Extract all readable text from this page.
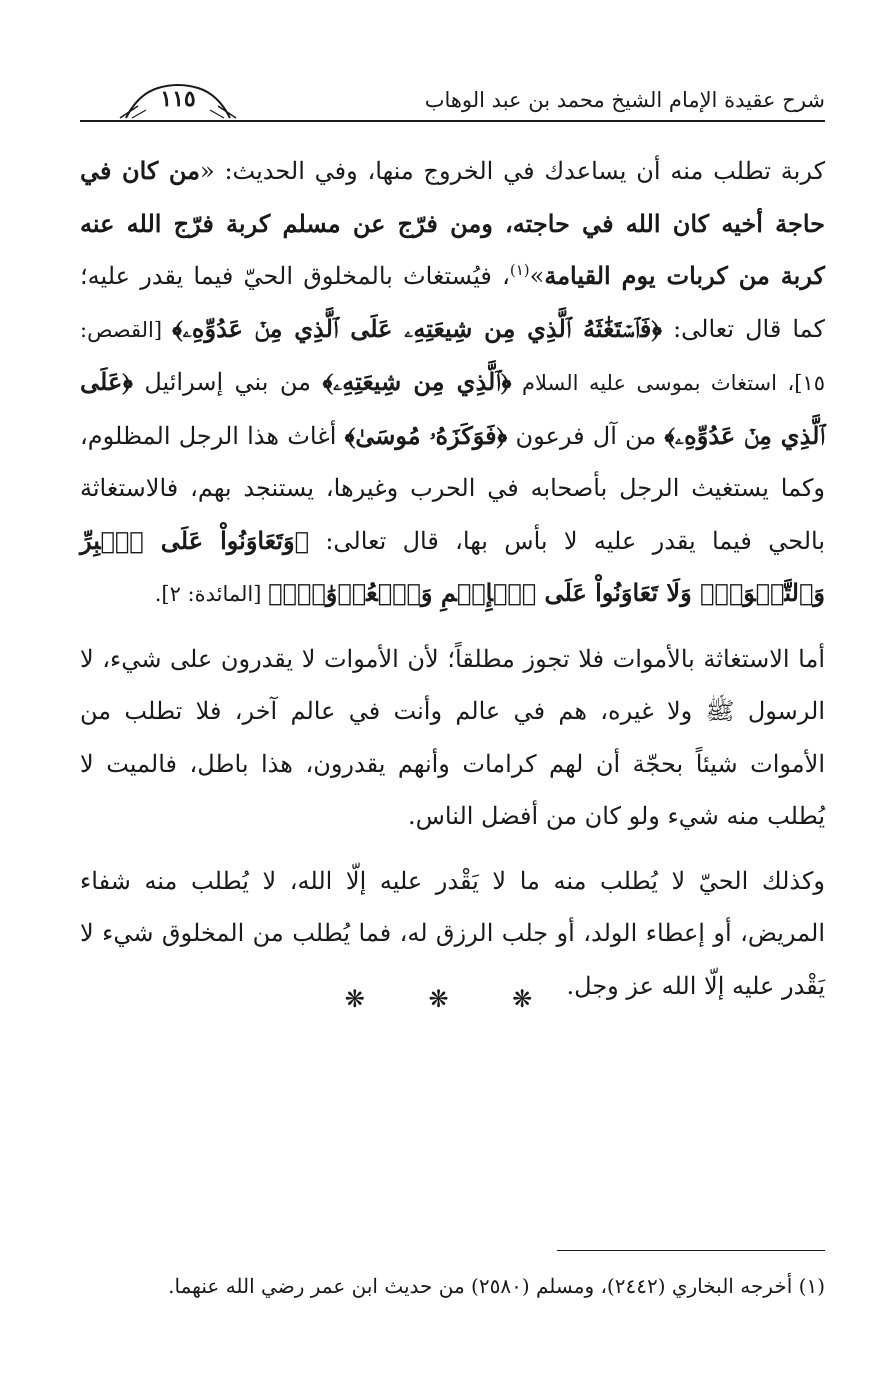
شرح عقيدة الإمام الشيخ محمد بن عبد الوهاب
١١٥

كربة تطلب منه أن يساعدك في الخروج منها، وفي الحديث: «من كان في حاجة أخيه كان الله في حاجته، ومن فرّج عن مسلم كربة فرّج الله عنه كربة من كربات يوم القيامة»$^{(١)}$، فيُستغاث بالمخلوق الحيّ فيما يقدر عليه؛ كما قال تعالى: ﴿فَٱسۡتَغَٰثَهُ ٱلَّذِي مِن شِيعَتِهِۦ عَلَى ٱلَّذِي مِنۡ عَدُوِّهِۦ﴾ [القصص: ١٥]، استغاث بموسى عليه السلام ﴿ٱلَّذِي مِن شِيعَتِهِۦ﴾ من بني إسرائيل ﴿عَلَى ٱلَّذِي مِنۡ عَدُوِّهِۦ﴾ من آل فرعون ﴿فَوَكَزَهُۥ مُوسَىٰ﴾ أغاث هذا الرجل المظلوم، وكما يستغيث الرجل بأصحابه في الحرب وغيرها، يستنجد بهم، فالاستغاثة بالحي فيما يقدر عليه لا بأس بها، قال تعالى: ﴿وَتَعَاوَنُواْ عَلَى ٱلۡبِرِّ وَٱلتَّقۡوَىٰۖ وَلَا تَعَاوَنُواْ عَلَى ٱلۡإِثۡمِ وَٱلۡعُدۡوَٰنِۚ﴾ [المائدة: ٢].

أما الاستغاثة بالأموات فلا تجوز مطلقاً؛ لأن الأموات لا يقدرون على شيء، لا الرسول ﷺ ولا غيره، هم في عالم وأنت في عالم آخر، فلا تطلب من الأموات شيئاً بحجّة أن لهم كرامات وأنهم يقدرون، هذا باطل، فالميت لا يُطلب منه شيء ولو كان من أفضل الناس.

وكذلك الحيّ لا يُطلب منه ما لا يَقْدر عليه إلّا الله، لا يُطلب منه شفاء المريض، أو إعطاء الولد، أو جلب الرزق له، فما يُطلب من المخلوق شيء لا يَقْدر عليه إلّا الله عز وجل.

❋ ❋ ❋
(١) أخرجه البخاري (٢٤٤٢)، ومسلم (٢٥٨٠) من حديث ابن عمر رضي الله عنهما.
